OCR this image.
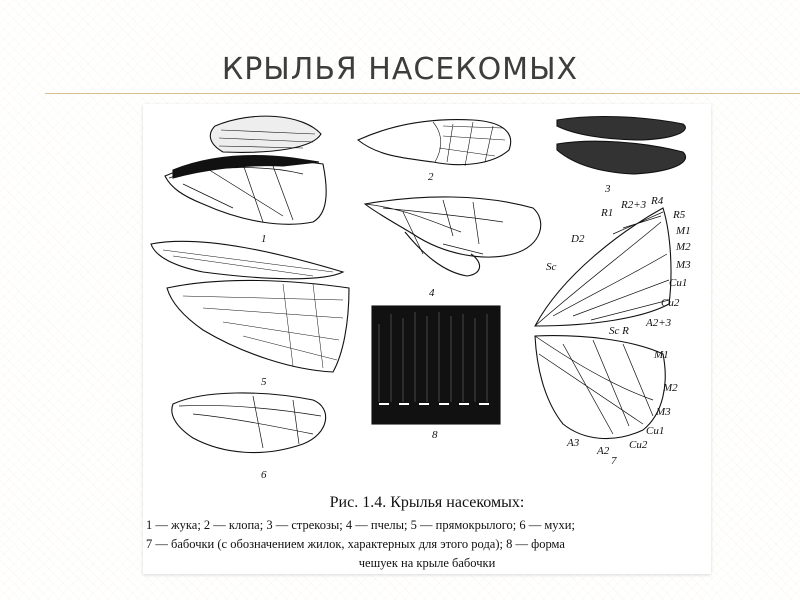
КРЫЛЬЯ НАСЕКОМЫХ
1
2
3
4
5
6
7
8
R2+3 R4
R1	R5
D2
M1
M2
M3
Sc
Cu1
Cu2
A2+3
Sc R
M1
M2
M3
Cu1
Cu2
A3
A2
Рис. 1.4. Крылья насекомых:
1 — жука; 2 — клопа; 3 — стрекозы; 4 — пчелы; 5 — прямокрылого; 6 — мухи;
7 — бабочки (с обозначением жилок, характерных для этого рода); 8 — форма
чешуек на крыле бабочки
